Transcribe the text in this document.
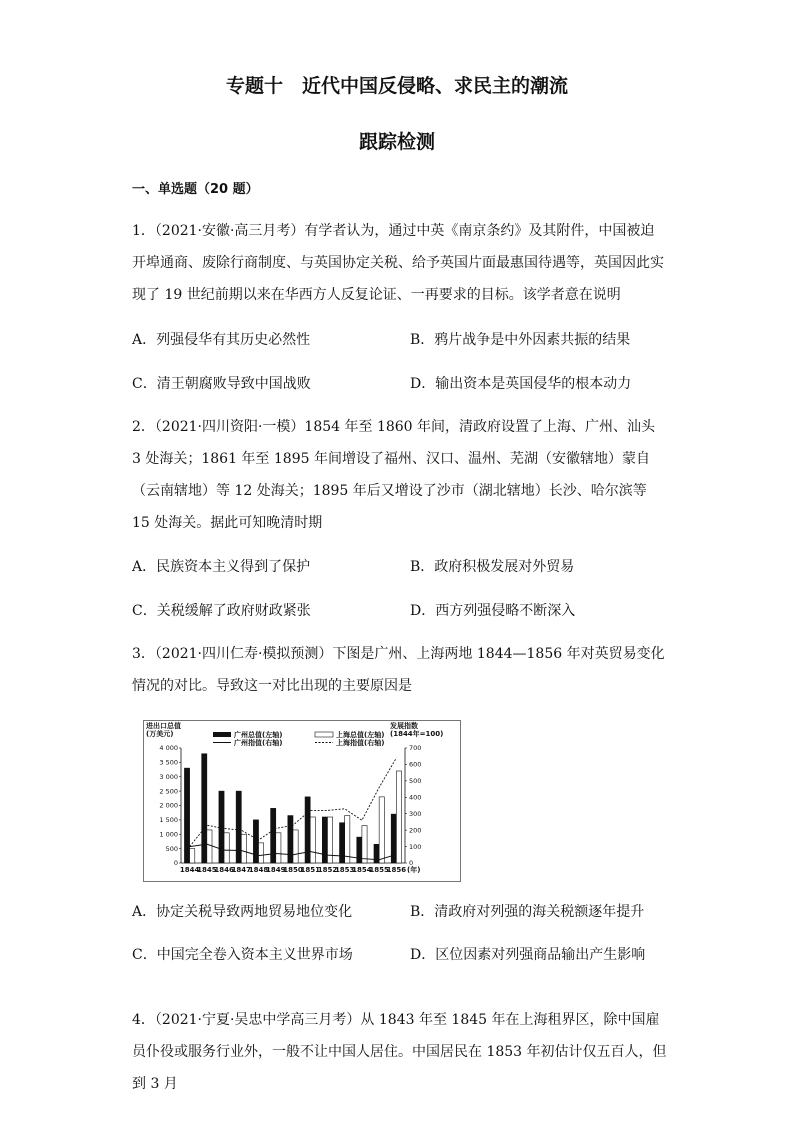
专题十　近代中国反侵略、求民主的潮流
跟踪检测
一、单选题（20 题）
1．（2021·安徽·高三月考）有学者认为，通过中英《南京条约》及其附件，中国被迫开埠通商、废除行商制度、与英国协定关税、给予英国片面最惠国待遇等，英国因此实现了 19 世纪前期以来在华西方人反复论证、一再要求的目标。该学者意在说明
A．列强侵华有其历史必然性	B．鸦片战争是中外因素共振的结果
C．清王朝腐败导致中国战败	D．输出资本是英国侵华的根本动力
2．（2021·四川资阳·一模）1854 年至 1860 年间，清政府设置了上海、广州、汕头 3 处海关；1861 年至 1895 年间增设了福州、汉口、温州、芜湖（安徽辖地）蒙自（云南辖地）等 12 处海关；1895 年后又增设了沙市（湖北辖地）长沙、哈尔滨等 15 处海关。据此可知晚清时期
A．民族资本主义得到了保护	B．政府积极发展对外贸易
C．关税缓解了政府财政紧张	D．西方列强侵略不断深入
3．（2021·四川仁寿·模拟预测）下图是广州、上海两地 1844—1856 年对英贸易变化情况的对比。导致这一对比出现的主要原因是
进出口总值
(万美元)
发展指数
(1844年=100)
0
500
1 000
1 500
2 000
2 500
3 000
3 500
4 000
0
100
200
300
400
500
600
700
1844
1845
1846
1847
1848
1849
1850
1851
1852
1853
1854
1855
1856 (年)
广州总值(左轴)	上海总值(左轴)
广州指值(右轴)	上海指值(右轴)
A．协定关税导致两地贸易地位变化	B．清政府对列强的海关税额逐年提升
C．中国完全卷入资本主义世界市场	D．区位因素对列强商品输出产生影响
4．（2021·宁夏·吴忠中学高三月考）从 1843 年至 1845 年在上海租界区，除中国雇员仆役或服务行业外，一般不让中国人居住。中国居民在 1853 年初估计仅五百人，但到 3 月
